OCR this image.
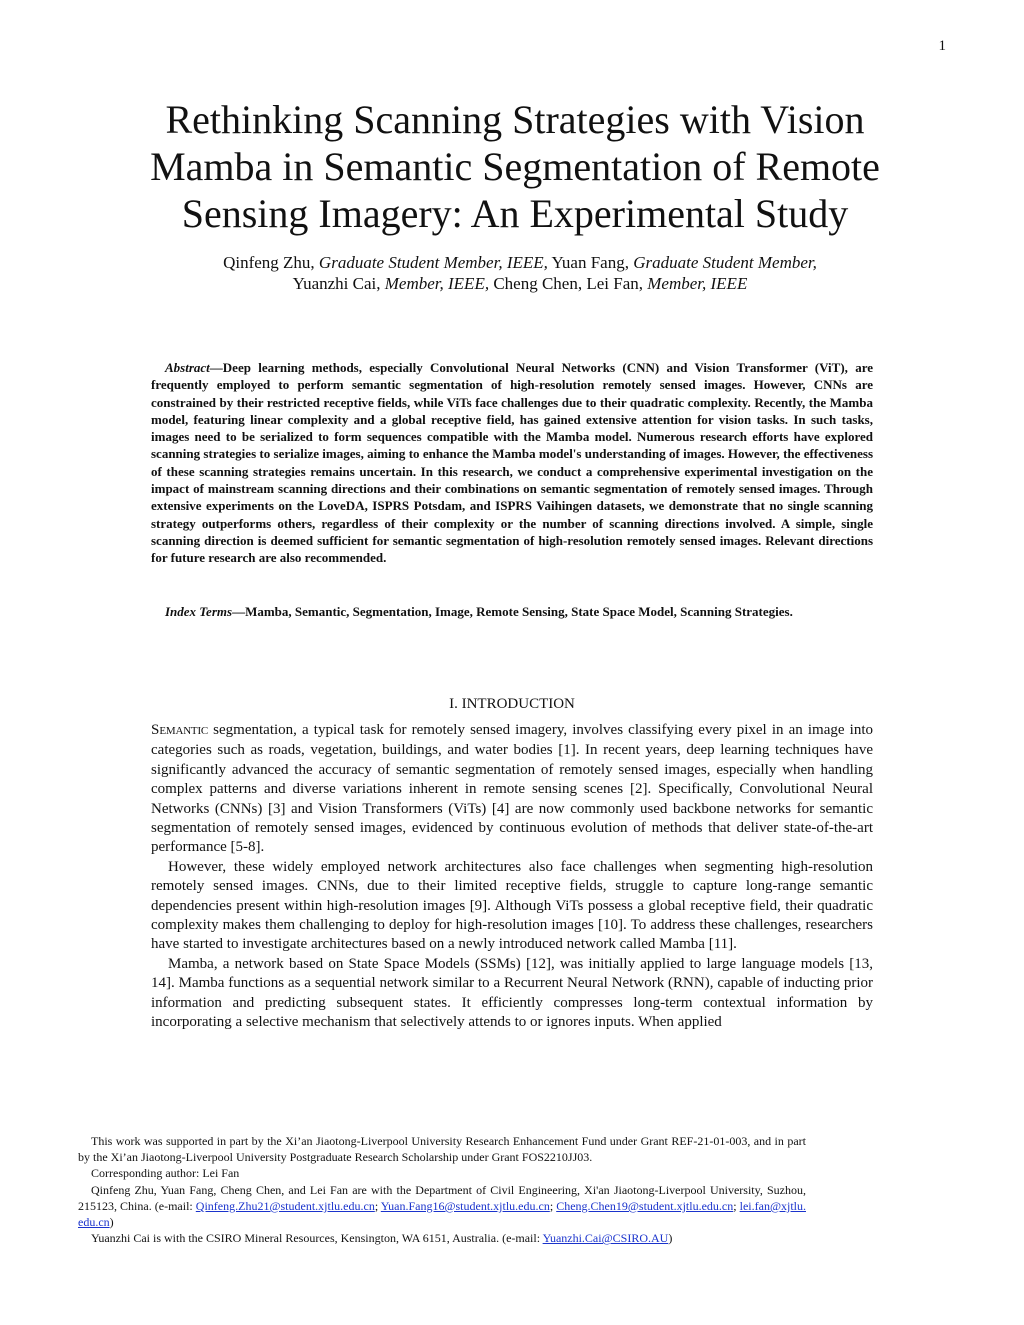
1
Rethinking Scanning Strategies with Vision Mamba in Semantic Segmentation of Remote Sensing Imagery: An Experimental Study
Qinfeng Zhu, Graduate Student Member, IEEE, Yuan Fang, Graduate Student Member,
Yuanzhi Cai, Member, IEEE, Cheng Chen, Lei Fan, Member, IEEE
Abstract—Deep learning methods, especially Convolutional Neural Networks (CNN) and Vision Transformer (ViT), are frequently employed to perform semantic segmentation of high-resolution remotely sensed images. However, CNNs are constrained by their restricted receptive fields, while ViTs face challenges due to their quadratic complexity. Recently, the Mamba model, featuring linear complexity and a global receptive field, has gained extensive attention for vision tasks. In such tasks, images need to be serialized to form sequences compatible with the Mamba model. Numerous research efforts have explored scanning strategies to serialize images, aiming to enhance the Mamba model's understanding of images. However, the effectiveness of these scanning strategies remains uncertain. In this research, we conduct a comprehensive experimental investigation on the impact of mainstream scanning directions and their combinations on semantic segmentation of remotely sensed images. Through extensive experiments on the LoveDA, ISPRS Potsdam, and ISPRS Vaihingen datasets, we demonstrate that no single scanning strategy outperforms others, regardless of their complexity or the number of scanning directions involved. A simple, single scanning direction is deemed sufficient for semantic segmentation of high-resolution remotely sensed images. Relevant directions for future research are also recommended.
Index Terms—Mamba, Semantic, Segmentation, Image, Remote Sensing, State Space Model, Scanning Strategies.
I. INTRODUCTION

SEMANTIC segmentation, a typical task for remotely sensed imagery, involves classifying every pixel in an image into categories such as roads, vegetation, buildings, and water bodies [1]. In recent years, deep learning techniques have significantly advanced the accuracy of semantic segmentation of remotely sensed images, especially when handling complex patterns and diverse variations inherent in remote sensing scenes [2]. Specifically, Convolutional Neural Networks (CNNs) [3] and Vision Transformers (ViTs) [4] are now commonly used backbone networks for semantic segmentation of remotely sensed images, evidenced by continuous evolution of methods that deliver state-of-the-art performance [5-8].

However, these widely employed network architectures also face challenges when segmenting high-resolution remotely sensed images. CNNs, due to their limited receptive fields, struggle to capture long-range semantic dependencies present within high-resolution images [9]. Although ViTs possess a global receptive field, their quadratic complexity makes them challenging to deploy for high-resolution images [10]. To address these challenges, researchers have started to investigate architectures based on a newly introduced network called Mamba [11].

Mamba, a network based on State Space Models (SSMs) [12], was initially applied to large language models [13, 14]. Mamba functions as a sequential network similar to a Recurrent Neural Network (RNN), capable of inducting prior information and predicting subsequent states. It efficiently compresses long-term contextual information by incorporating a selective mechanism that selectively attends to or ignores inputs. When applied

This work was supported in part by the Xi’an Jiaotong-Liverpool University Research Enhancement Fund under Grant REF-21-01-003, and in part by the Xi’an Jiaotong-Liverpool University Postgraduate Research Scholarship under Grant FOS2210JJ03.

Corresponding author: Lei Fan

Qinfeng Zhu, Yuan Fang, Cheng Chen, and Lei Fan are with the Department of Civil Engineering, Xi'an Jiaotong-Liverpool University, Suzhou, 215123, China. (e-mail: Qinfeng.Zhu21@student.xjtlu.edu.cn; Yuan.Fang16@student.xjtlu.edu.cn; Cheng.Chen19@student.xjtlu.edu.cn; lei.fan@xjtlu.edu.cn)

Yuanzhi Cai is with the CSIRO Mineral Resources, Kensington, WA 6151, Australia. (e-mail: Yuanzhi.Cai@CSIRO.AU)
